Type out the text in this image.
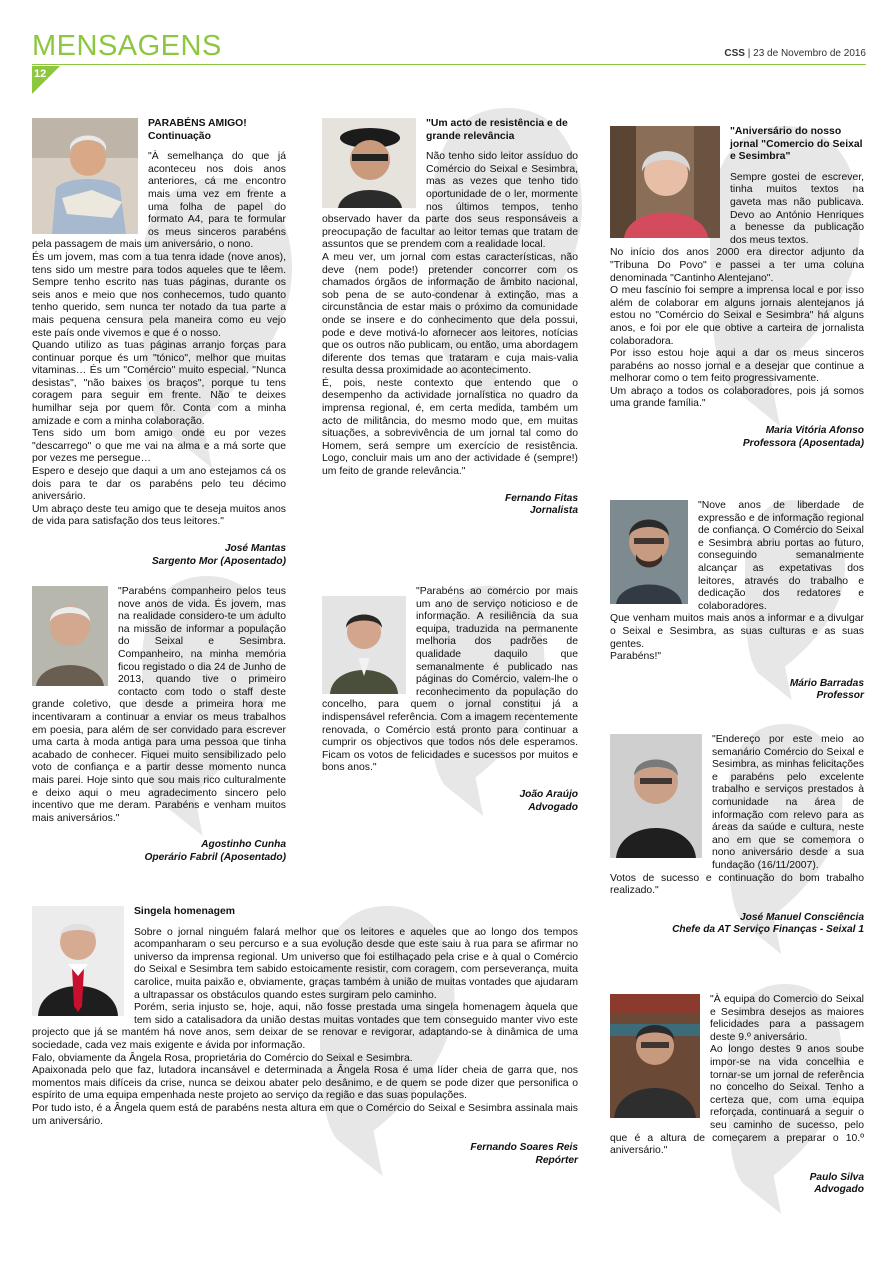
MENSAGENS	CSS | 23 de Novembro de 2016
12
PARABÉNS AMIGO!
Continuação

"À semelhança do que já aconteceu nos dois anos anteriores, cá me encontro mais uma vez em frente a uma folha de papel do formato A4, para te formular os meus sinceros parabéns pela passagem de mais um aniversário, o nono.

És um jovem, mas com a tua tenra idade (nove anos), tens sido um mestre para todos aqueles que te lêem. Sempre tenho escrito nas tuas páginas, durante os seis anos e meio que nos conhecemos, tudo quanto tenho querido, sem nunca ter notado da tua parte a mais pequena censura pela maneira como eu vejo este país onde vivemos e que é o nosso.

Quando utilizo as tuas páginas arranjo forças para continuar porque és um "tónico", melhor que muitas vitaminas… És um "Comércio" muito especial. "Nunca desistas", "não baixes os braços", porque tu tens coragem para seguir em frente. Não te deixes humilhar seja por quem fôr. Conta com a minha amizade e com a minha colaboração.

Tens sido um bom amigo onde eu por vezes "descarrego" o que me vai na alma e a má sorte que por vezes me persegue…

Espero e desejo que daqui a um ano estejamos cá os dois para te dar os parabéns pelo teu décimo aniversário.

Um abraço deste teu amigo que te deseja muitos anos de vida para satisfação dos teus leitores."

José Mantas
Sargento Mor (Aposentado)
"Um acto de resistência e de grande relevância

Não tenho sido leitor assíduo do Comércio do Seixal e Sesimbra, mas as vezes que tenho tido oportunidade de o ler, mormente nos últimos tempos, tenho observado haver da parte dos seus responsáveis a preocupação de facultar ao leitor temas que tratam de assuntos que se prendem com a realidade local.

A meu ver, um jornal com estas características, não deve (nem pode!) pretender concorrer com os chamados órgãos de informação de âmbito nacional, sob pena de se auto-condenar à extinção, mas a circunstância de estar mais o próximo da comunidade onde se insere e do conhecimento que dela possui, pode e deve motivá-lo afornecer aos leitores, notícias que os outros não publicam, ou então, uma abordagem diferente dos temas que trataram e cuja mais-valia resulta dessa proximidade ao acontecimento.

É, pois, neste contexto que entendo que o desempenho da actividade jornalística no quadro da imprensa regional, é, em certa medida, também um acto de militância, do mesmo modo que, em muitas situações, a sobrevivência de um jornal tal como do Homem, será sempre um exercício de resistência. Logo, concluir mais um ano der actividade é (sempre!) um feito de grande relevância."

Fernando Fitas
Jornalista
"Aniversário do nosso jornal "Comercio do Seixal e Sesimbra"

Sempre gostei de escrever, tinha muitos textos na gaveta mas não publicava. Devo ao António Henriques a benesse da publicação dos meus textos.

No início dos anos 2000 era director adjunto da "Tribuna Do Povo" e passei a ter uma coluna denominada "Cantinho Alentejano".

O meu fascínio foi sempre a imprensa local e por isso além de colaborar em alguns jornais alentejanos já estou no "Comércio do Seixal e Sesimbra" há alguns anos, e foi por ele que obtive a carteira de jornalista colaboradora.

Por isso estou hoje aqui a dar os meus sinceros parabéns ao nosso jornal e a desejar que continue a melhorar como o tem feito progressivamente.

Um abraço a todos os colaboradores, pois já somos uma grande família."

Maria Vitória Afonso
Professora (Aposentada)

"Nove anos de liberdade de expressão e de informação regional de confiança. O Comércio do Seixal e Sesimbra abriu portas ao futuro, conseguindo semanalmente alcançar as expetativas dos leitores, através do trabalho e dedicação dos redatores e colaboradores.

Que venham muitos mais anos a informar e a divulgar o Seixal e Sesimbra, as suas culturas e as suas gentes.

Parabéns!"

Mário Barradas
Professor

"Parabéns companheiro pelos teus nove anos de vida. És jovem, mas na realidade considero-te um adulto na missão de informar a população do Seixal e Sesimbra. Companheiro, na minha memória ficou registado o dia 24 de Junho de 2013, quando tive o primeiro contacto com todo o staff deste grande coletivo, que desde a primeira hora me incentivaram a continuar a enviar os meus trabalhos em poesia, para além de ser convidado para escrever uma carta à moda antiga para uma pessoa que tinha acabado de conhecer. Fiquei muito sensibilizado pelo voto de confiança e a partir desse momento nunca mais parei. Hoje sinto que sou mais rico culturalmente e deixo aqui o meu agradecimento sincero pelo incentivo que me deram. Parabéns e venham muitos mais aniversários."

Agostinho Cunha
Operário Fabril (Aposentado)

"Parabéns ao comércio por mais um ano de serviço noticioso e de informação. A resiliência da sua equipa, traduzida na permanente melhoria dos padrões de qualidade daquilo que semanalmente é publicado nas páginas do Comércio, valem-lhe o reconhecimento da população do concelho, para quem o jornal constitui já a indispensável referência. Com a imagem recentemente renovada, o Comércio está pronto para continuar a cumprir os objectivos que todos nós dele esperamos. Ficam os votos de felicidades e sucessos por muitos e bons anos."

João Araújo
Advogado

"Endereço por este meio ao semanário Comércio do Seixal e Sesimbra, as minhas felicitações e parabéns pelo excelente trabalho e serviços prestados à comunidade na área de informação com relevo para as áreas da saúde e cultura, neste ano em que se comemora o nono aniversário desde a sua fundação (16/11/2007).

Votos de sucesso e continuação do bom trabalho realizado."

José Manuel Consciência
Chefe da AT Serviço Finanças - Seixal 1
Singela homenagem

Sobre o jornal ninguém falará melhor que os leitores e aqueles que ao longo dos tempos acompanharam o seu percurso e a sua evolução desde que este saiu à rua para se afirmar no universo da imprensa regional. Um universo que foi estilhaçado pela crise e à qual o Comércio do Seixal e Sesimbra tem sabido estoicamente resistir, com coragem, com perseverança, muita carolice, muita paixão e, obviamente, graças também à união de muitas vontades que ajudaram a ultrapassar os obstáculos quando estes surgiram pelo caminho.

Porém, seria injusto se, hoje, aqui, não fosse prestada uma singela homenagem àquela que tem sido a catalisadora da união destas muitas vontades que tem conseguido manter vivo este projecto que já se mantém há nove anos, sem deixar de se renovar e revigorar, adaptando-se à dinâmica de uma sociedade, cada vez mais exigente e ávida por informação.

Falo, obviamente da Ângela Rosa, proprietária do Comércio do Seixal e Sesimbra.

Apaixonada pelo que faz, lutadora incansável e determinada a Ângela Rosa é uma líder cheia de garra que, nos momentos mais difíceis da crise, nunca se deixou abater pelo desânimo, e de quem se pode dizer que personifica o espírito de uma equipa empenhada neste projeto ao serviço da região e das suas populações.

Por tudo isto, é a Ângela quem está de parabéns nesta altura em que o Comércio do Seixal e Sesimbra assinala mais um aniversário.

Fernando Soares Reis
Repórter

"À equipa do Comercio do Seixal e Sesimbra desejos as maiores felicidades para a passagem deste 9.º aniversário.

Ao longo destes 9 anos soube impor-se na vida concelhia e tornar-se um jornal de referência no concelho do Seixal. Tenho a certeza que, com uma equipa reforçada, continuará a seguir o seu caminho de sucesso, pelo que é a altura de começarem a preparar o 10.º aniversário."

Paulo Silva
Advogado
